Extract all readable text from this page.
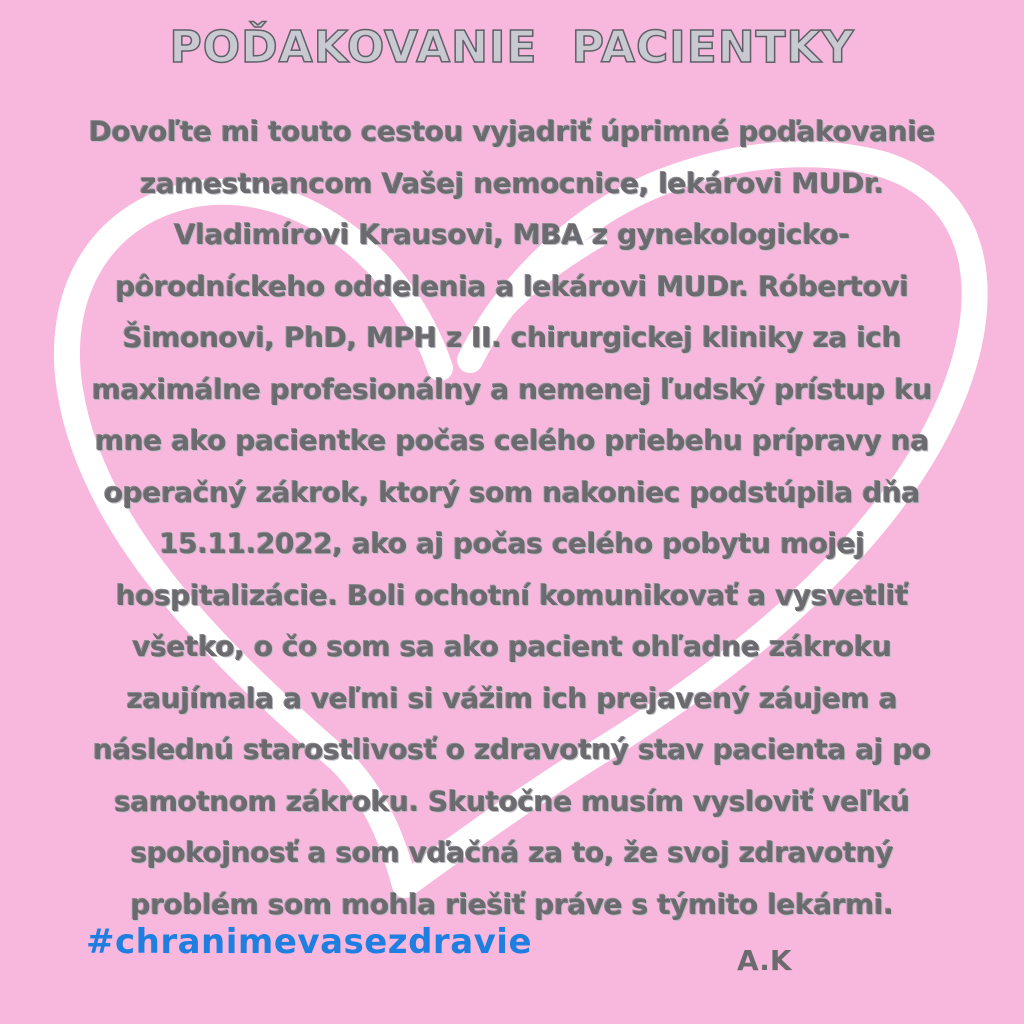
POĎAKOVANIE PACIENTKY
Dovoľte mi touto cestou vyjadriť úprimné poďakovanie
zamestnancom Vašej nemocnice, lekárovi MUDr.
Vladimírovi Krausovi, MBA z gynekologicko-
pôrodníckeho oddelenia a lekárovi MUDr. Róbertovi
Šimonovi, PhD, MPH z II. chirurgickej kliniky za ich
maximálne profesionálny a nemenej ľudský prístup ku
mne ako pacientke počas celého priebehu prípravy na
operačný zákrok, ktorý som nakoniec podstúpila dňa
15.11.2022, ako aj počas celého pobytu mojej
hospitalizácie. Boli ochotní komunikovať a vysvetliť
všetko, o čo som sa ako pacient ohľadne zákroku
zaujímala a veľmi si vážim ich prejavený záujem a
následnú starostlivosť o zdravotný stav pacienta aj po
samotnom zákroku. Skutočne musím vysloviť veľkú
spokojnosť a som vďačná za to, že svoj zdravotný
problém som mohla riešiť práve s týmito lekármi.
#chranimevasezdravie	A.K
